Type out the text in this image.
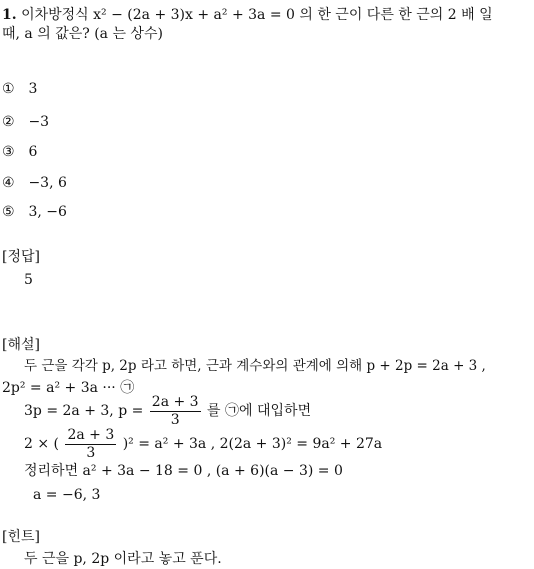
1. 이차방정식 x² − (2a + 3)x + a² + 3a = 0 의 한 근이 다른 한 근의 2 배 일
때, a 의 값은? (a 는 상수)
① 3
② −3
③ 6
④ −3, 6
⑤ 3, −6
[정답]
5
[해설]
두 근을 각각 p, 2p 라고 하면, 근과 계수와의 관계에 의해 p + 2p = 2a + 3 ,
2p² = a² + 3a ··· ㉠
3p = 2a + 3, $p = \frac{2a + 3}{3}$ 를 ㉠에 대입하면
2 × ( $\frac{2a + 3}{3} )^2 = a^2 + 3a$ , 2(2a + 3)² = 9a² + 27a
정리하면 a² + 3a − 18 = 0 , (a + 6)(a − 3) = 0
a = −6, 3
[힌트]
두 근을 p, 2p 이라고 놓고 푼다.
